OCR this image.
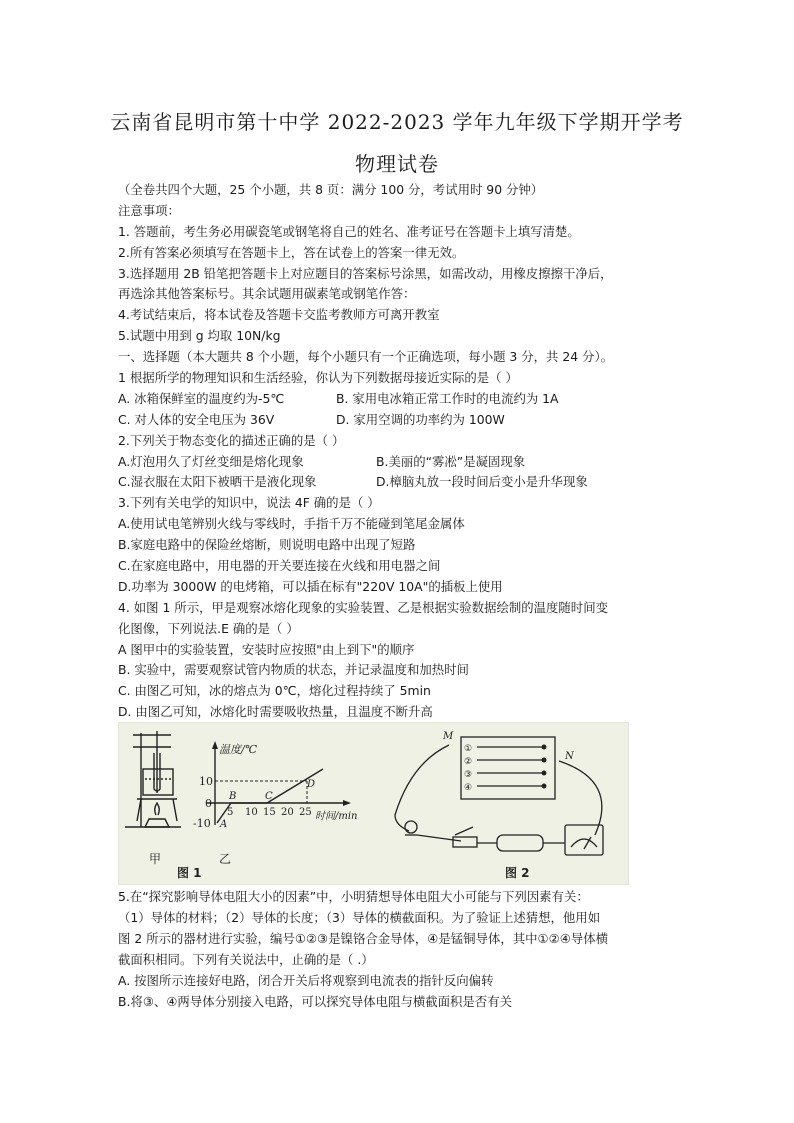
云南省昆明市第十中学 2022-2023 学年九年级下学期开学考
物理试卷
（全卷共四个大题，25 个小题，共 8 页：满分 100 分，考试用时 90 分钟）
注意事项：
1. 答题前，考生务必用碳瓷笔或钢笔将自己的姓名、准考证号在答题卡上填写清楚。
2.所有答案必须填写在答题卡上，答在试卷上的答案一律无效。
3.选择题用 2B 铅笔把答题卡上对应题目的答案标号涂黑，如需改动，用橡皮擦擦干净后，
再选涂其他答案标号。其余试题用碳素笔或钢笔作答：
4.考试结束后，将本试卷及答题卡交监考教师方可离开教室
5.试题中用到 g 均取 10N/kg
一、选择题（本大题共 8 个小题，每个小题只有一个正确选项，每小题 3 分，共 24 分）。
1 根据所学的物理知识和生活经验，你认为下列数据母接近实际的是（ ）
A. 冰箱保鲜室的温度约为-5℃	B. 家用电冰箱正常工作时的电流约为 1A
C. 对人体的安全电压为 36V	D. 家用空调的功率约为 100W
2.下列关于物态变化的描述正确的是（ ）
A.灯泡用久了灯丝变细是熔化现象	B.美丽的“雾凇”是凝固现象
C.湿衣服在太阳下被晒干是液化现象	D.樟脑丸放一段时间后变小是升华现象
3.下列有关电学的知识中，说法 4F 确的是（ ）
A.使用试电笔辨别火线与零线时，手指千万不能碰到笔尾金属体
B.家庭电路中的保险丝熔断，则说明电路中出现了短路
C.在家庭电路中，用电器的开关要连接在火线和用电器之间
D.功率为 3000W 的电烤箱，可以插在标有"220V 10A"的插板上使用
4. 如图 1 所示，甲是观察冰熔化现象的实验装置、乙是根据实验数据绘制的温度随时间变
化图像，下列说法.E 确的是（ ）
A 图甲中的实验装置，安装时应按照"由上到下"的顺序
B. 实验中，需要观察试管内物质的状态，并记录温度和加热时间
C. 由图乙可知，冰的熔点为 0℃，熔化过程持续了 5min
D. 由图乙可知，冰熔化时需要吸收热量，且温度不断升高
温度/℃
时间/min
10
0
-10
5 10 15 20 25
A
B	C
D
甲	乙
图 1
M
N
①
②
③
④
图 2
5.在“探究影响导体电阻大小的因素”中，小明猜想导体电阻大小可能与下列因素有关：
（1）导体的材料；（2）导体的长度；（3）导体的横截面积。为了验证上述猜想，他用如
图 2 所示的器材进行实验，编号①②③是镍铬合金导体，④是锰铜导体，其中①②④导体横
截面积相同。下列有关说法中，止确的是（ .）
A. 按图所示连接好电路，闭合开关后将观察到电流表的指针反向偏转
B.将③、④两导体分别接入电路，可以探究导体电阻与横截面积是否有关
